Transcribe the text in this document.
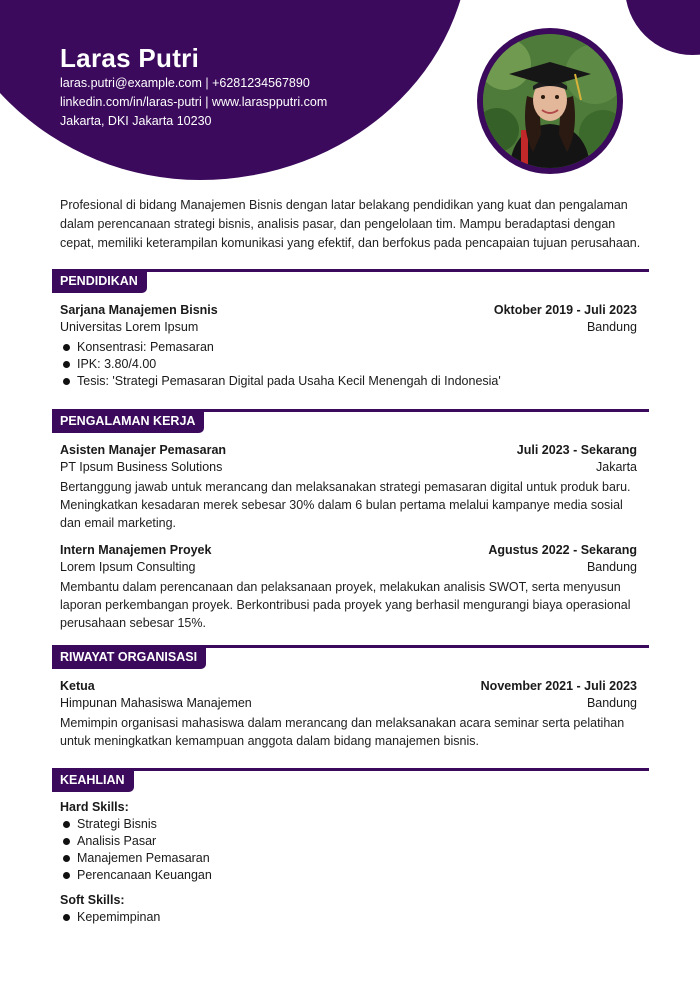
Laras Putri
laras.putri@example.com | +6281234567890
linkedin.com/in/laras-putri | www.laraspputri.com
Jakarta, DKI Jakarta 10230
Profesional di bidang Manajemen Bisnis dengan latar belakang pendidikan yang kuat dan pengalaman dalam perencanaan strategi bisnis, analisis pasar, dan pengelolaan tim. Mampu beradaptasi dengan cepat, memiliki keterampilan komunikasi yang efektif, dan berfokus pada pencapaian tujuan perusahaan.
PENDIDIKAN
Sarjana Manajemen Bisnis	Oktober 2019 - Juli 2023
Universitas Lorem Ipsum	Bandung
Konsentrasi: Pemasaran
IPK: 3.80/4.00
Tesis: 'Strategi Pemasaran Digital pada Usaha Kecil Menengah di Indonesia'
PENGALAMAN KERJA
Asisten Manajer Pemasaran	Juli 2023 - Sekarang
PT Ipsum Business Solutions	Jakarta
Bertanggung jawab untuk merancang dan melaksanakan strategi pemasaran digital untuk produk baru. Meningkatkan kesadaran merek sebesar 30% dalam 6 bulan pertama melalui kampanye media sosial dan email marketing.
Intern Manajemen Proyek	Agustus 2022 - Sekarang
Lorem Ipsum Consulting	Bandung
Membantu dalam perencanaan dan pelaksanaan proyek, melakukan analisis SWOT, serta menyusun laporan perkembangan proyek. Berkontribusi pada proyek yang berhasil mengurangi biaya operasional perusahaan sebesar 15%.
RIWAYAT ORGANISASI
Ketua	November 2021 - Juli 2023
Himpunan Mahasiswa Manajemen	Bandung
Memimpin organisasi mahasiswa dalam merancang dan melaksanakan acara seminar serta pelatihan untuk meningkatkan kemampuan anggota dalam bidang manajemen bisnis.
KEAHLIAN
Hard Skills:
Strategi Bisnis
Analisis Pasar
Manajemen Pemasaran
Perencanaan Keuangan
Soft Skills:
Kepemimpinan
